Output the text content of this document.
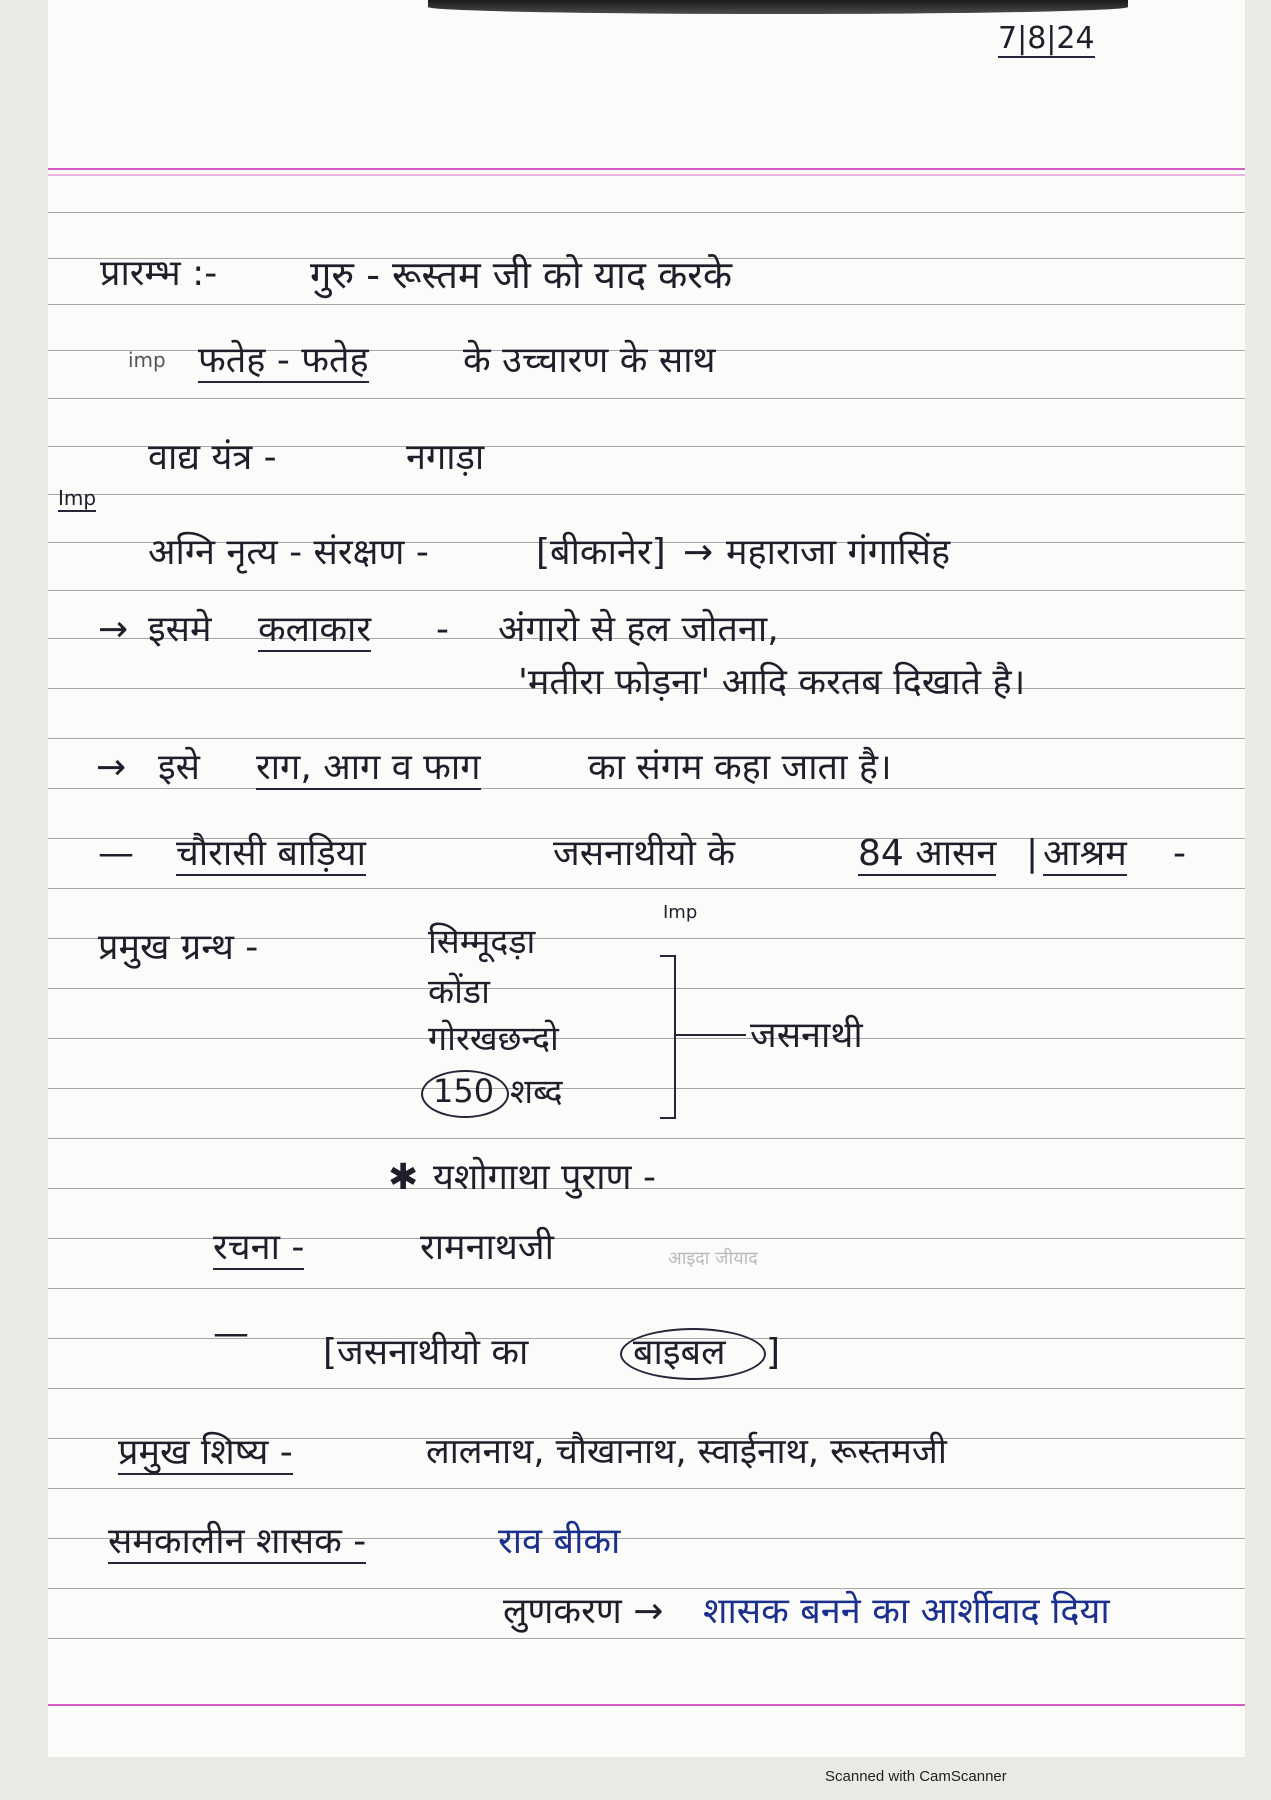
7|8|24
प्रारम्भ :- गुरु - रूस्तम जी को याद करके
imp फतेह - फतेह	के उच्चारण के साथ
वाद्य यंत्र -	नगाड़ा
Imp
अग्नि नृत्य - संरक्षण -	[बीकानेर] → महाराजा गंगासिंह
→ इसमे कलाकार - अंगारो से हल जोतना,
'मतीरा फोड़ना' आदि करतब दिखाते है।
→ इसे राग, आग व फाग	का संगम कहा जाता है।
— चौरासी बाड़िया	जसनाथीयो के	84 आसन | आश्रम -
प्रमुख ग्रन्थ -
Imp
सिम्मूदड़ा
कोंडा
गोरखछन्दो
150 शब्द
जसनाथी
✱ यशोगाथा पुराण -
रचना -	रामनाथजी	आइदा जीयाद
— [जसनाथीयो का	बाइबल ]
प्रमुख शिष्य -	लालनाथ, चौखानाथ, स्वाईनाथ, रूस्तमजी
समकालीन शासक -	राव बीका
लुणकरण → शासक बनने का आर्शीवाद दिया
Scanned with CamScanner
